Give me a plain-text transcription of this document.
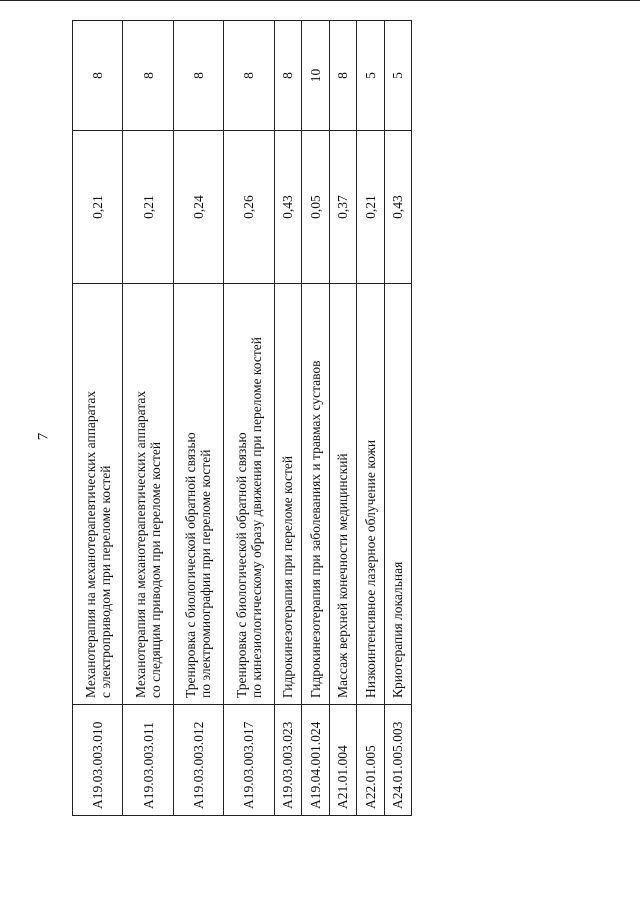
7
А19.03.003.010	Механотерапия на механотерапевтических аппаратах с электроприводом при переломе костей	0,21	8
А19.03.003.011	Механотерапия на механотерапевтических аппаратах со следящим приводом при переломе костей	0,21	8
А19.03.003.012	Тренировка с биологической обратной связью по электромиографии при переломе костей	0,24	8
А19.03.003.017	Тренировка с биологической обратной связью по кинезиологическому образу движения при переломе костей	0,26	8
А19.03.003.023	Гидрокинезотерапия при переломе костей	0,43	8
А19.04.001.024	Гидрокинезотерапия при заболеваниях и травмах суставов	0,05	10
А21.01.004	Массаж верхней конечности медицинский	0,37	8
А22.01.005	Низкоинтенсивное лазерное облучение кожи	0,21	5
А24.01.005.003	Криотерапия локальная	0,43	5
